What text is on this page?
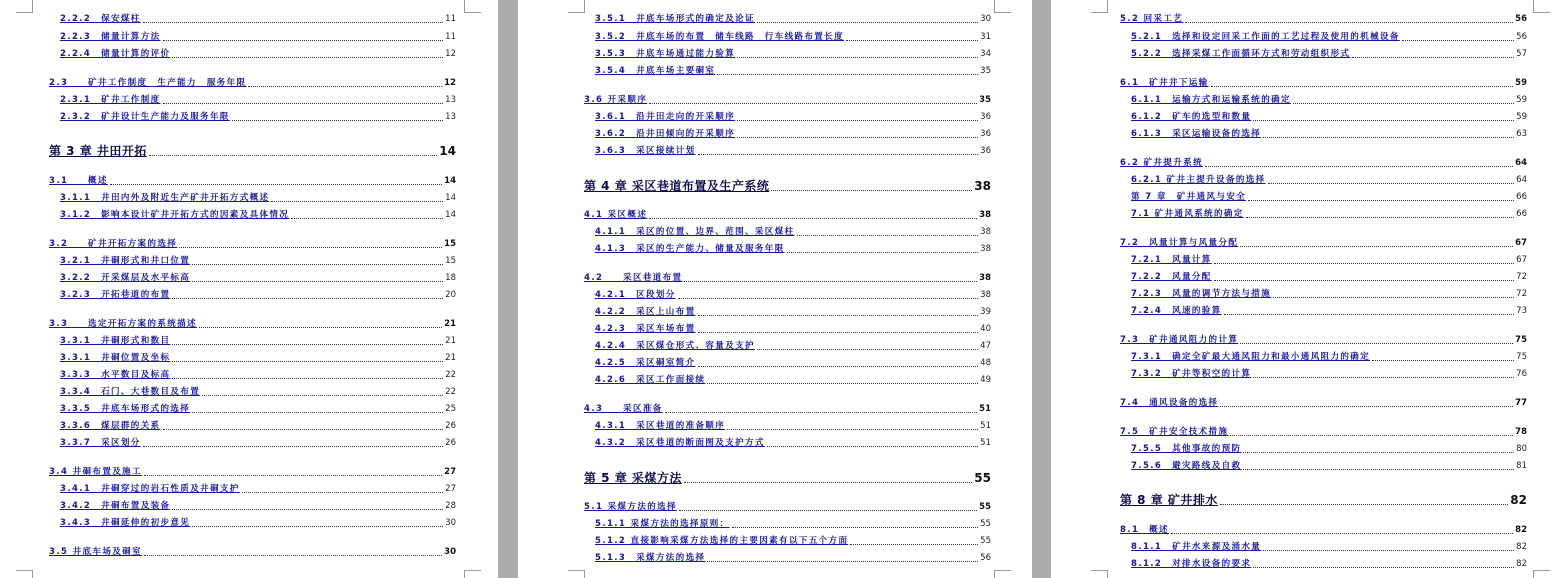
2.2.2　保安煤柱	11
2.2.3　储量计算方法	11
2.2.4　储量计算的评价	12
2.3　　矿井工作制度　生产能力　服务年限	12
2.3.1　矿井工作制度	13
2.3.2　矿井设计生产能力及服务年限	13
第 3 章 井田开拓	14
3.1　　概述	14
3.1.1　井田内外及附近生产矿井开拓方式概述	14
3.1.2　影响本设计矿井开拓方式的因素及具体情况	14
3.2　　矿井开拓方案的选择	15
3.2.1　井硐形式和井口位置	15
3.2.2　开采煤层及水平标高	18
3.2.3　开拓巷道的布置	20
3.3　　选定开拓方案的系统描述	21
3.3.1　井硐形式和数目	21
3.3.1　井硐位置及坐标	21
3.3.3　水平数目及标高	22
3.3.4　石门、大巷数目及布置	22
3.3.5　井底车场形式的选择	25
3.3.6　煤层群的关系	26
3.3.7　采区划分	26
3.4 井硐布置及施工	27
3.4.1　井硐穿过的岩石性质及井硐支护	27
3.4.2　井硐布置及装备	28
3.4.3　井硐延伸的初步意见	30
3.5 井底车场及硐室	30
3.5.1　井底车场形式的确定及论证	30
3.5.2　井底车场的布置　储车线路　行车线路布置长度	31
3.5.3　井底车场通过能力验算	34
3.5.4　井底车场主要硐室	35
3.6 开采顺序	35
3.6.1　沿井田走向的开采顺序	36
3.6.2　沿井田倾向的开采顺序	36
3.6.3　采区接续计划	36
第 4 章 采区巷道布置及生产系统	38
4.1 采区概述	38
4.1.1　采区的位置、边界、范围、采区煤柱	38
4.1.3　采区的生产能力、储量及服务年限	38
4.2　　采区巷道布置	38
4.2.1　区段划分	38
4.2.2　采区上山布置	39
4.2.3　采区车场布置	40
4.2.4　采区煤仓形式、容量及支护	47
4.2.5　采区硐室简介	48
4.2.6　采区工作面接续	49
4.3　　采区准备	51
4.3.1　采区巷道的准备顺序	51
4.3.2　采区巷道的断面图及支护方式	51
第 5 章 采煤方法	55
5.1 采煤方法的选择	55
5.1.1 采煤方法的选择原则：	55
5.1.2 直接影响采煤方法选择的主要因素有以下五个方面	55
5.1.3　采煤方法的选择	56
5.2 回采工艺	56
5.2.1　选择和设定回采工作面的工艺过程及使用的机械设备	56
5.2.2　选择采煤工作面循环方式和劳动组织形式	57
6.1　矿井井下运输	59
6.1.1　运输方式和运输系统的确定	59
6.1.2　矿车的选型和数量	59
6.1.3　采区运输设备的选择	63
6.2 矿井提升系统	64
6.2.1 矿井主提升设备的选择	64
第 7 章　矿井通风与安全	66
7.1 矿井通风系统的确定	66
7.2　风量计算与风量分配	67
7.2.1　风量计算	67
7.2.2　风量分配	72
7.2.3　风量的调节方法与措施	72
7.2.4　风速的验算	73
7.3　矿井通风阻力的计算	75
7.3.1　确定全矿最大通风阻力和最小通风阻力的确定	75
7.3.2　矿井等积空的计算	76
7.4　通风设备的选择	77
7.5　矿井安全技术措施	78
7.5.5　其他事故的预防	80
7.5.6　避灾路线及自救	81
第 8 章 矿井排水	82
8.1　概述	82
8.1.1　矿井水来源及涌水量	82
8.1.2　对排水设备的要求	82
